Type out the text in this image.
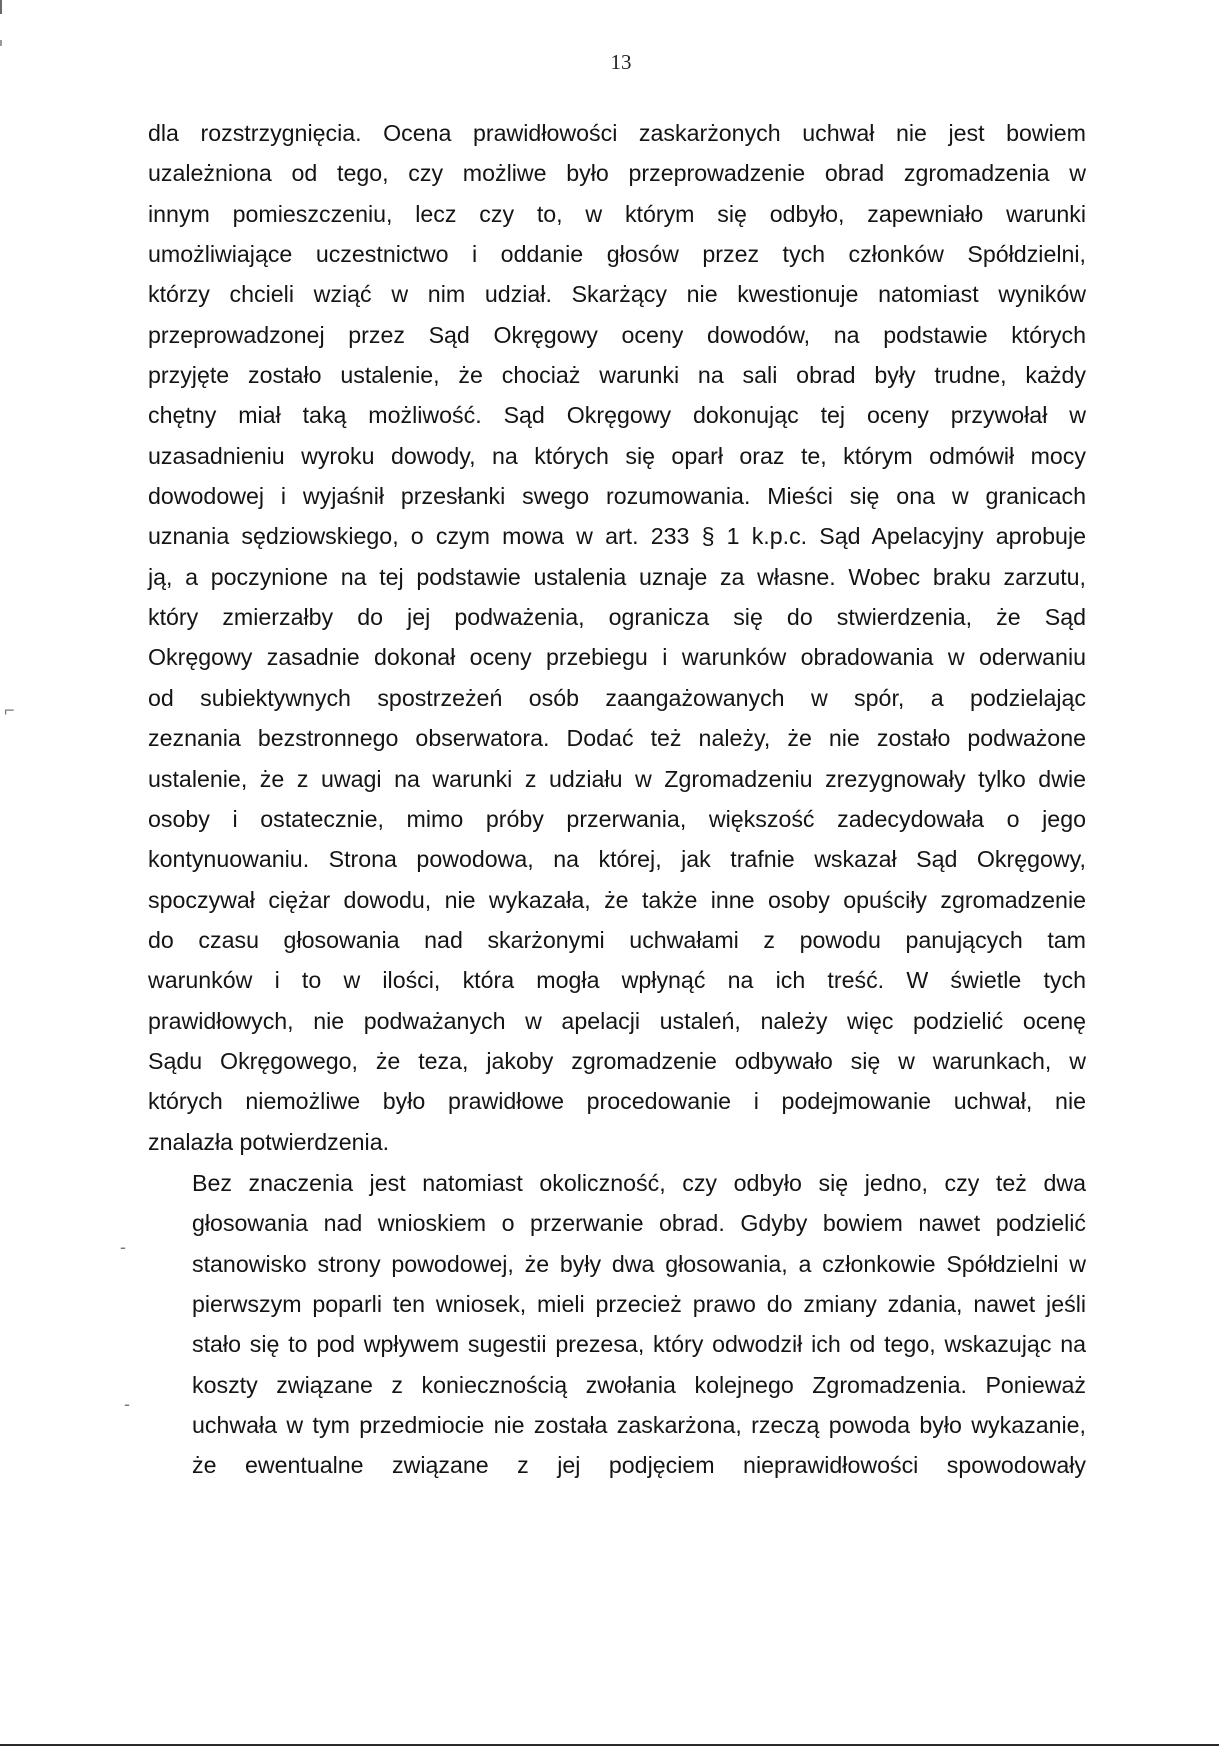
13

dla rozstrzygnięcia. Ocena prawidłowości zaskarżonych uchwał nie jest bowiem
uzależniona od tego, czy możliwe było przeprowadzenie obrad zgromadzenia w
innym pomieszczeniu, lecz czy to, w którym się odbyło, zapewniało warunki
umożliwiające uczestnictwo i oddanie głosów przez tych członków Spółdzielni,
którzy chcieli wziąć w nim udział. Skarżący nie kwestionuje natomiast wyników
przeprowadzonej przez Sąd Okręgowy oceny dowodów, na podstawie których
przyjęte zostało ustalenie, że chociaż warunki na sali obrad były trudne, każdy
chętny miał taką możliwość. Sąd Okręgowy dokonując tej oceny przywołał w
uzasadnieniu wyroku dowody, na których się oparł oraz te, którym odmówił mocy
dowodowej i wyjaśnił przesłanki swego rozumowania. Mieści się ona w granicach
uznania sędziowskiego, o czym mowa w art. 233 § 1 k.p.c. Sąd Apelacyjny aprobuje
ją, a poczynione na tej podstawie ustalenia uznaje za własne. Wobec braku zarzutu,
który zmierzałby do jej podważenia, ogranicza się do stwierdzenia, że Sąd
Okręgowy zasadnie dokonał oceny przebiegu i warunków obradowania w oderwaniu
od subiektywnych spostrzeżeń osób zaangażowanych w spór, a podzielając
zeznania bezstronnego obserwatora. Dodać też należy, że nie zostało podważone
ustalenie, że z uwagi na warunki z udziału w Zgromadzeniu zrezygnowały tylko dwie
osoby i ostatecznie, mimo próby przerwania, większość zadecydowała o jego
kontynuowaniu. Strona powodowa, na której, jak trafnie wskazał Sąd Okręgowy,
spoczywał ciężar dowodu, nie wykazała, że także inne osoby opuściły zgromadzenie
do czasu głosowania nad skarżonymi uchwałami z powodu panujących tam
warunków i to w ilości, która mogła wpłynąć na ich treść. W świetle tych
prawidłowych, nie podważanych w apelacji ustaleń, należy więc podzielić ocenę
Sądu Okręgowego, że teza, jakoby zgromadzenie odbywało się w warunkach, w
których niemożliwe było prawidłowe procedowanie i podejmowanie uchwał, nie
znalazła potwierdzenia.

Bez znaczenia jest natomiast okoliczność, czy odbyło się jedno, czy też dwa
głosowania nad wnioskiem o przerwanie obrad. Gdyby bowiem nawet podzielić
stanowisko strony powodowej, że były dwa głosowania, a członkowie Spółdzielni w
pierwszym poparli ten wniosek, mieli przecież prawo do zmiany zdania, nawet jeśli
stało się to pod wpływem sugestii prezesa, który odwodził ich od tego, wskazując na
koszty związane z koniecznością zwołania kolejnego Zgromadzenia. Ponieważ
uchwała w tym przedmiocie nie została zaskarżona, rzeczą powoda było wykazanie,
że ewentualne związane z jej podjęciem nieprawidłowości spowodowały

⌐
-
-
